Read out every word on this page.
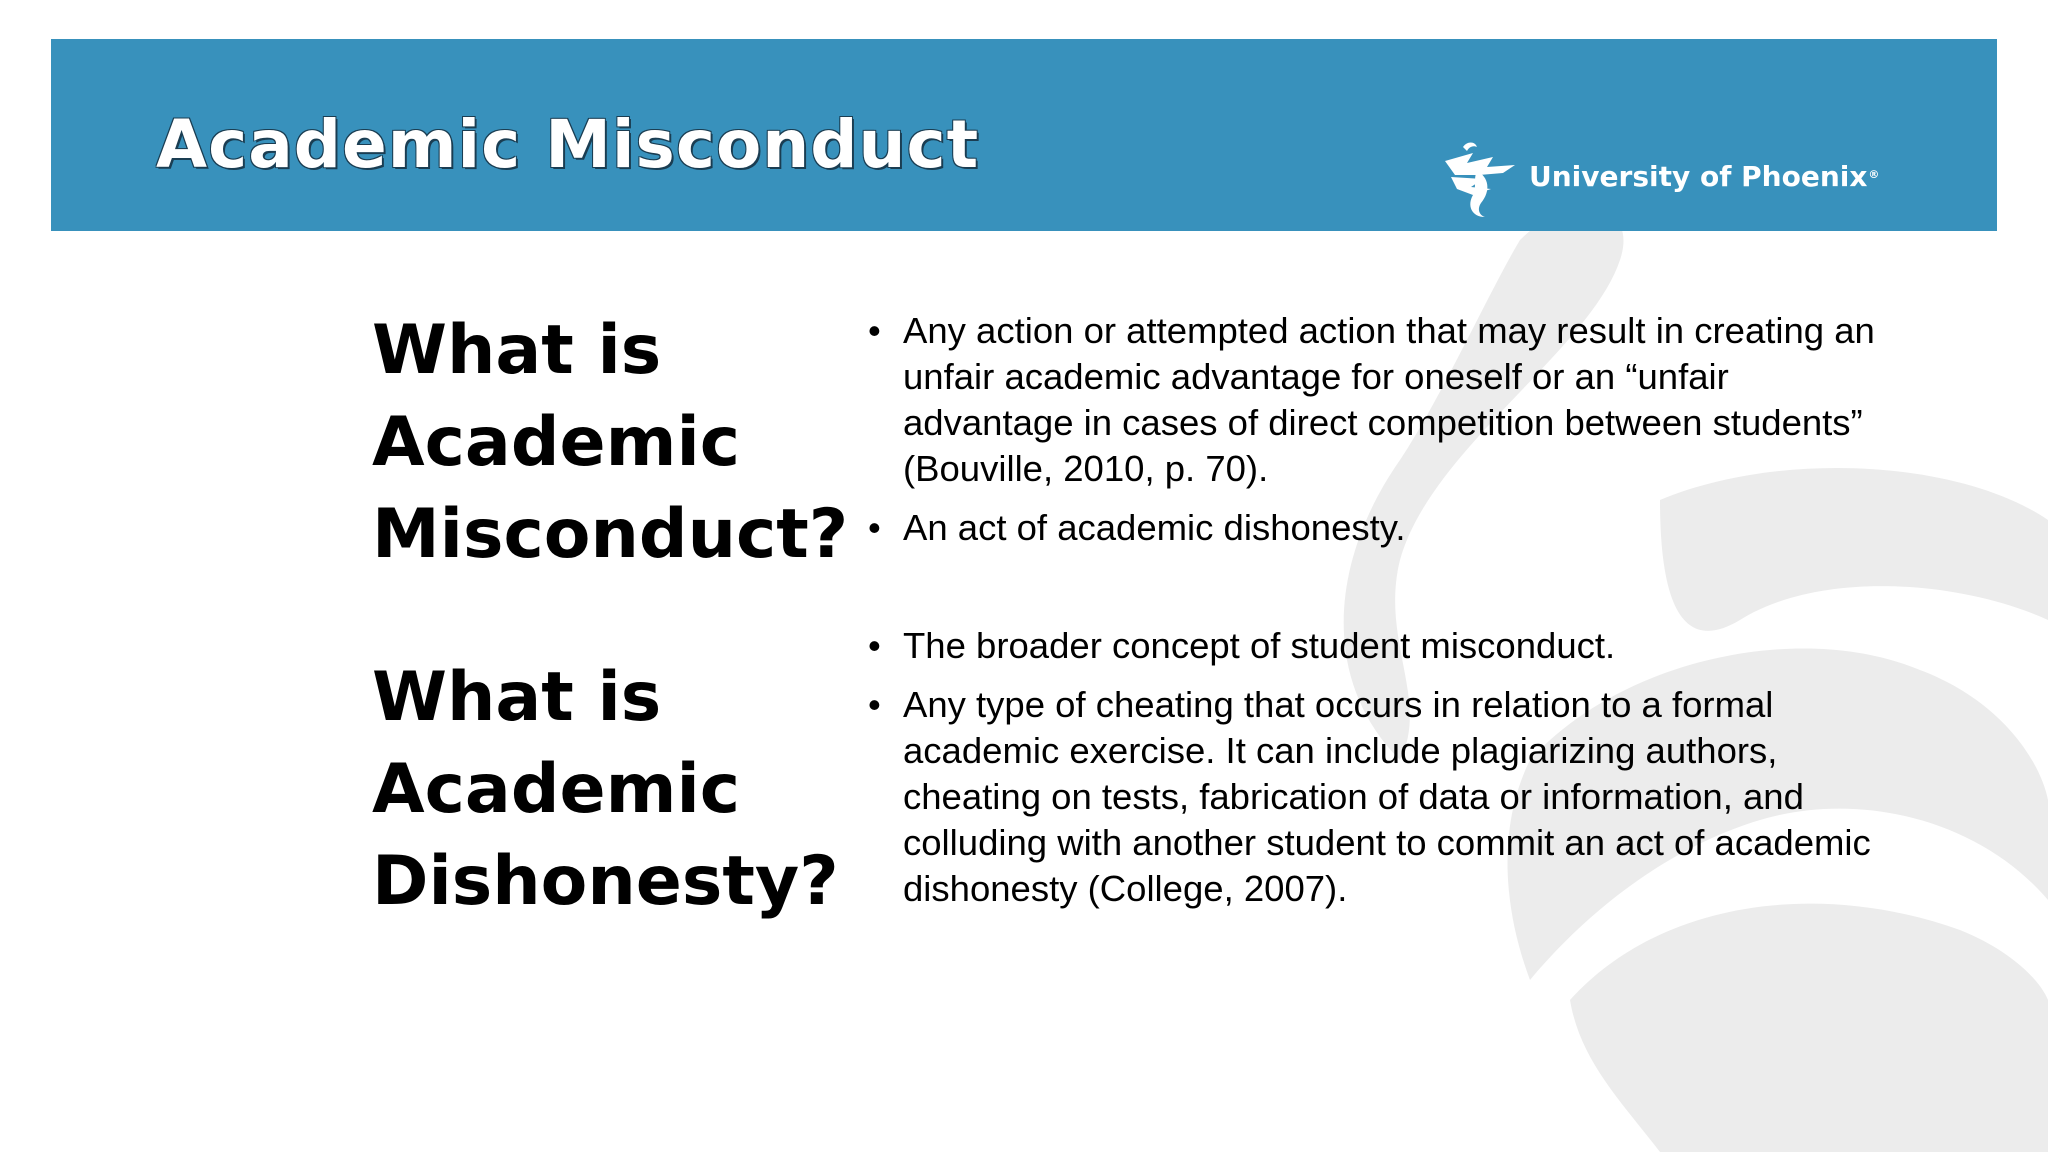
Academic Misconduct	University of Phoenix®
What is
Academic
Misconduct?
• Any action or attempted action that may result in creating an unfair academic advantage for oneself or an “unfair advantage in cases of direct competition between students” (Bouville, 2010, p. 70).
• An act of academic dishonesty.
What is
Academic
Dishonesty?
• The broader concept of student misconduct.
• Any type of cheating that occurs in relation to a formal academic exercise. It can include plagiarizing authors, cheating on tests, fabrication of data or information, and colluding with another student to commit an act of academic dishonesty (College, 2007).
